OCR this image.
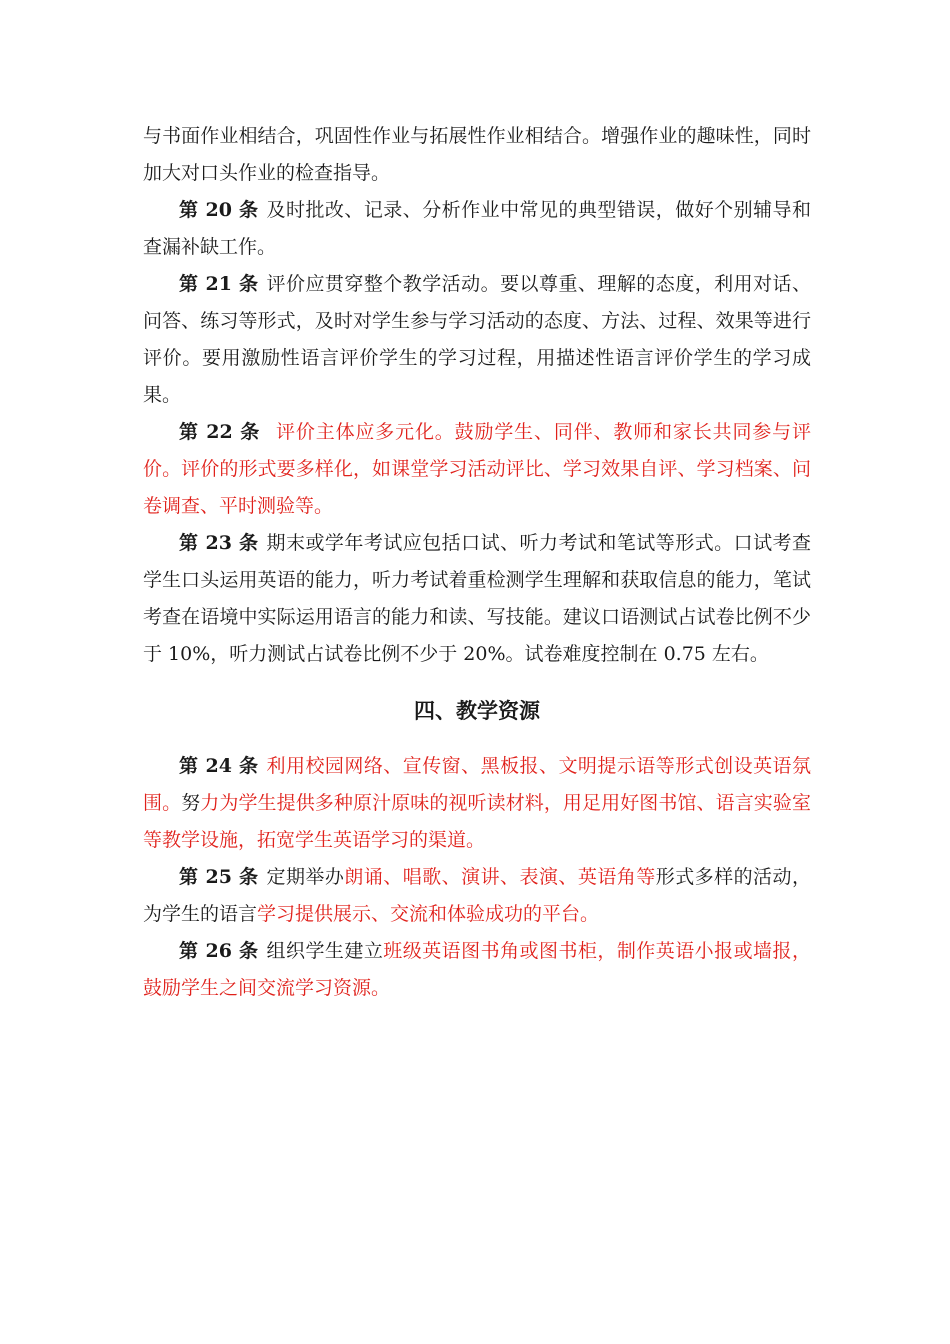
与书面作业相结合，巩固性作业与拓展性作业相结合。增强作业的趣味性，同时加大对口头作业的检查指导。

第 20 条 及时批改、记录、分析作业中常见的典型错误，做好个别辅导和查漏补缺工作。

第 21 条 评价应贯穿整个教学活动。要以尊重、理解的态度，利用对话、问答、练习等形式，及时对学生参与学习活动的态度、方法、过程、效果等进行评价。要用激励性语言评价学生的学习过程，用描述性语言评价学生的学习成果。

第 22 条 评价主体应多元化。鼓励学生、同伴、教师和家长共同参与评价。评价的形式要多样化，如课堂学习活动评比、学习效果自评、学习档案、问卷调查、平时测验等。

第 23 条 期末或学年考试应包括口试、听力考试和笔试等形式。口试考查学生口头运用英语的能力，听力考试着重检测学生理解和获取信息的能力，笔试考查在语境中实际运用语言的能力和读、写技能。建议口语测试占试卷比例不少于 10%，听力测试占试卷比例不少于 20%。试卷难度控制在 0.75 左右。

四、教学资源

第 24 条 利用校园网络、宣传窗、黑板报、文明提示语等形式创设英语氛围。努力为学生提供多种原汁原味的视听读材料，用足用好图书馆、语言实验室等教学设施，拓宽学生英语学习的渠道。

第 25 条 定期举办朗诵、唱歌、演讲、表演、英语角等形式多样的活动，为学生的语言学习提供展示、交流和体验成功的平台。

第 26 条 组织学生建立班级英语图书角或图书柜，制作英语小报或墙报，鼓励学生之间交流学习资源。
